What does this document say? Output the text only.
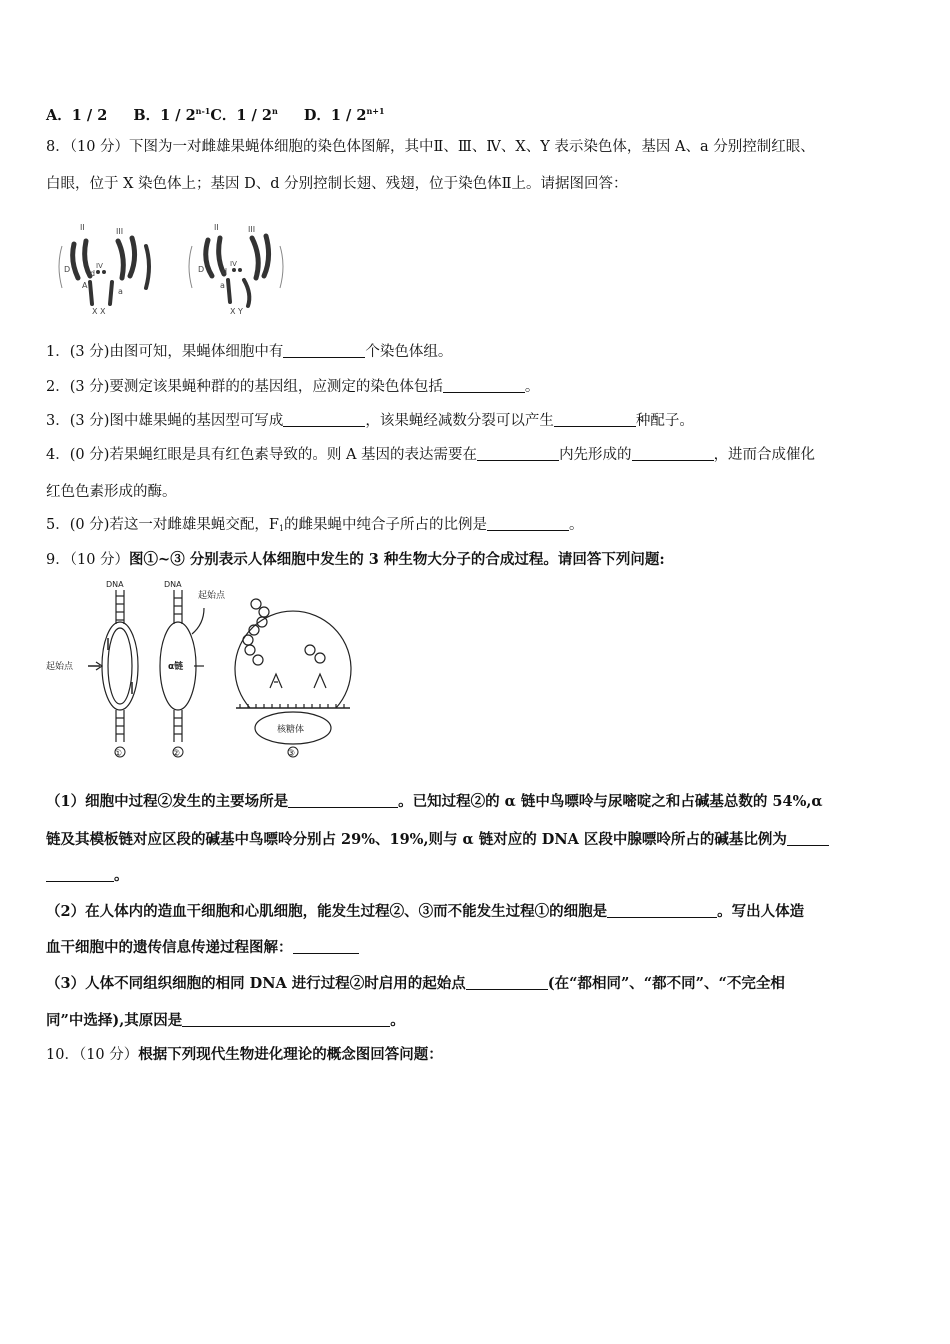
A．1 / 2 B．1 / 2$^{n-1}$C．1 / 2$^n$ D．$1 / 2^{n+1}$
8．（10 分）下图为一对雌雄果蝇体细胞的染色体图解，其中Ⅱ、Ⅲ、Ⅳ、X、Y 表示染色体，基因 A、a 分别控制红眼、
白眼，位于 X 染色体上；基因 D、d 分别控制长翅、残翅，位于染色体Ⅱ上。请据图回答：
II	III
IV
D d
A
a
X X
II	III
IV
D d
a
X Y
1．(3 分)由图可知，果蝇体细胞中有	个染色体组。
2．(3 分)要测定该果蝇种群的的基因组，应测定的染色体包括	。
3．(3 分)图中雄果蝇的基因型可写成	，该果蝇经减数分裂可以产生	种配子。
4．(0 分)若果蝇红眼是具有红色素导致的。则 A 基因的表达需要在	内先形成的	，进而合成催化
红色色素形成的酶。
5．(0 分)若这一对雌雄果蝇交配，$F_1$的雌果蝇中纯合子所占的比例是	。
9．（10 分）图①~③ 分别表示人体细胞中发生的 3 种生物大分子的合成过程。请回答下列问题:
DNA
起始点
①
DNA
起始点
α链
②
核糖体
③
（1）细胞中过程②发生的主要场所是	。已知过程②的 α 链中鸟嘌呤与尿嘧啶之和占碱基总数的 54%,α
链及其模板链对应区段的碱基中鸟嘌呤分别占 29%、19%,则与 α 链对应的 DNA 区段中腺嘌呤所占的碱基比例为
。
（2）在人体内的造血干细胞和心肌细胞，能发生过程②、③而不能发生过程①的细胞是	。写出人体造
血干细胞中的遗传信息传递过程图解：
（3）人体不同组织细胞的相同 DNA 进行过程②时启用的起始点	(在“都相同”、“都不同”、“不完全相
同”中选择),其原因是	。
10．（10 分）根据下列现代生物进化理论的概念图回答问题：
